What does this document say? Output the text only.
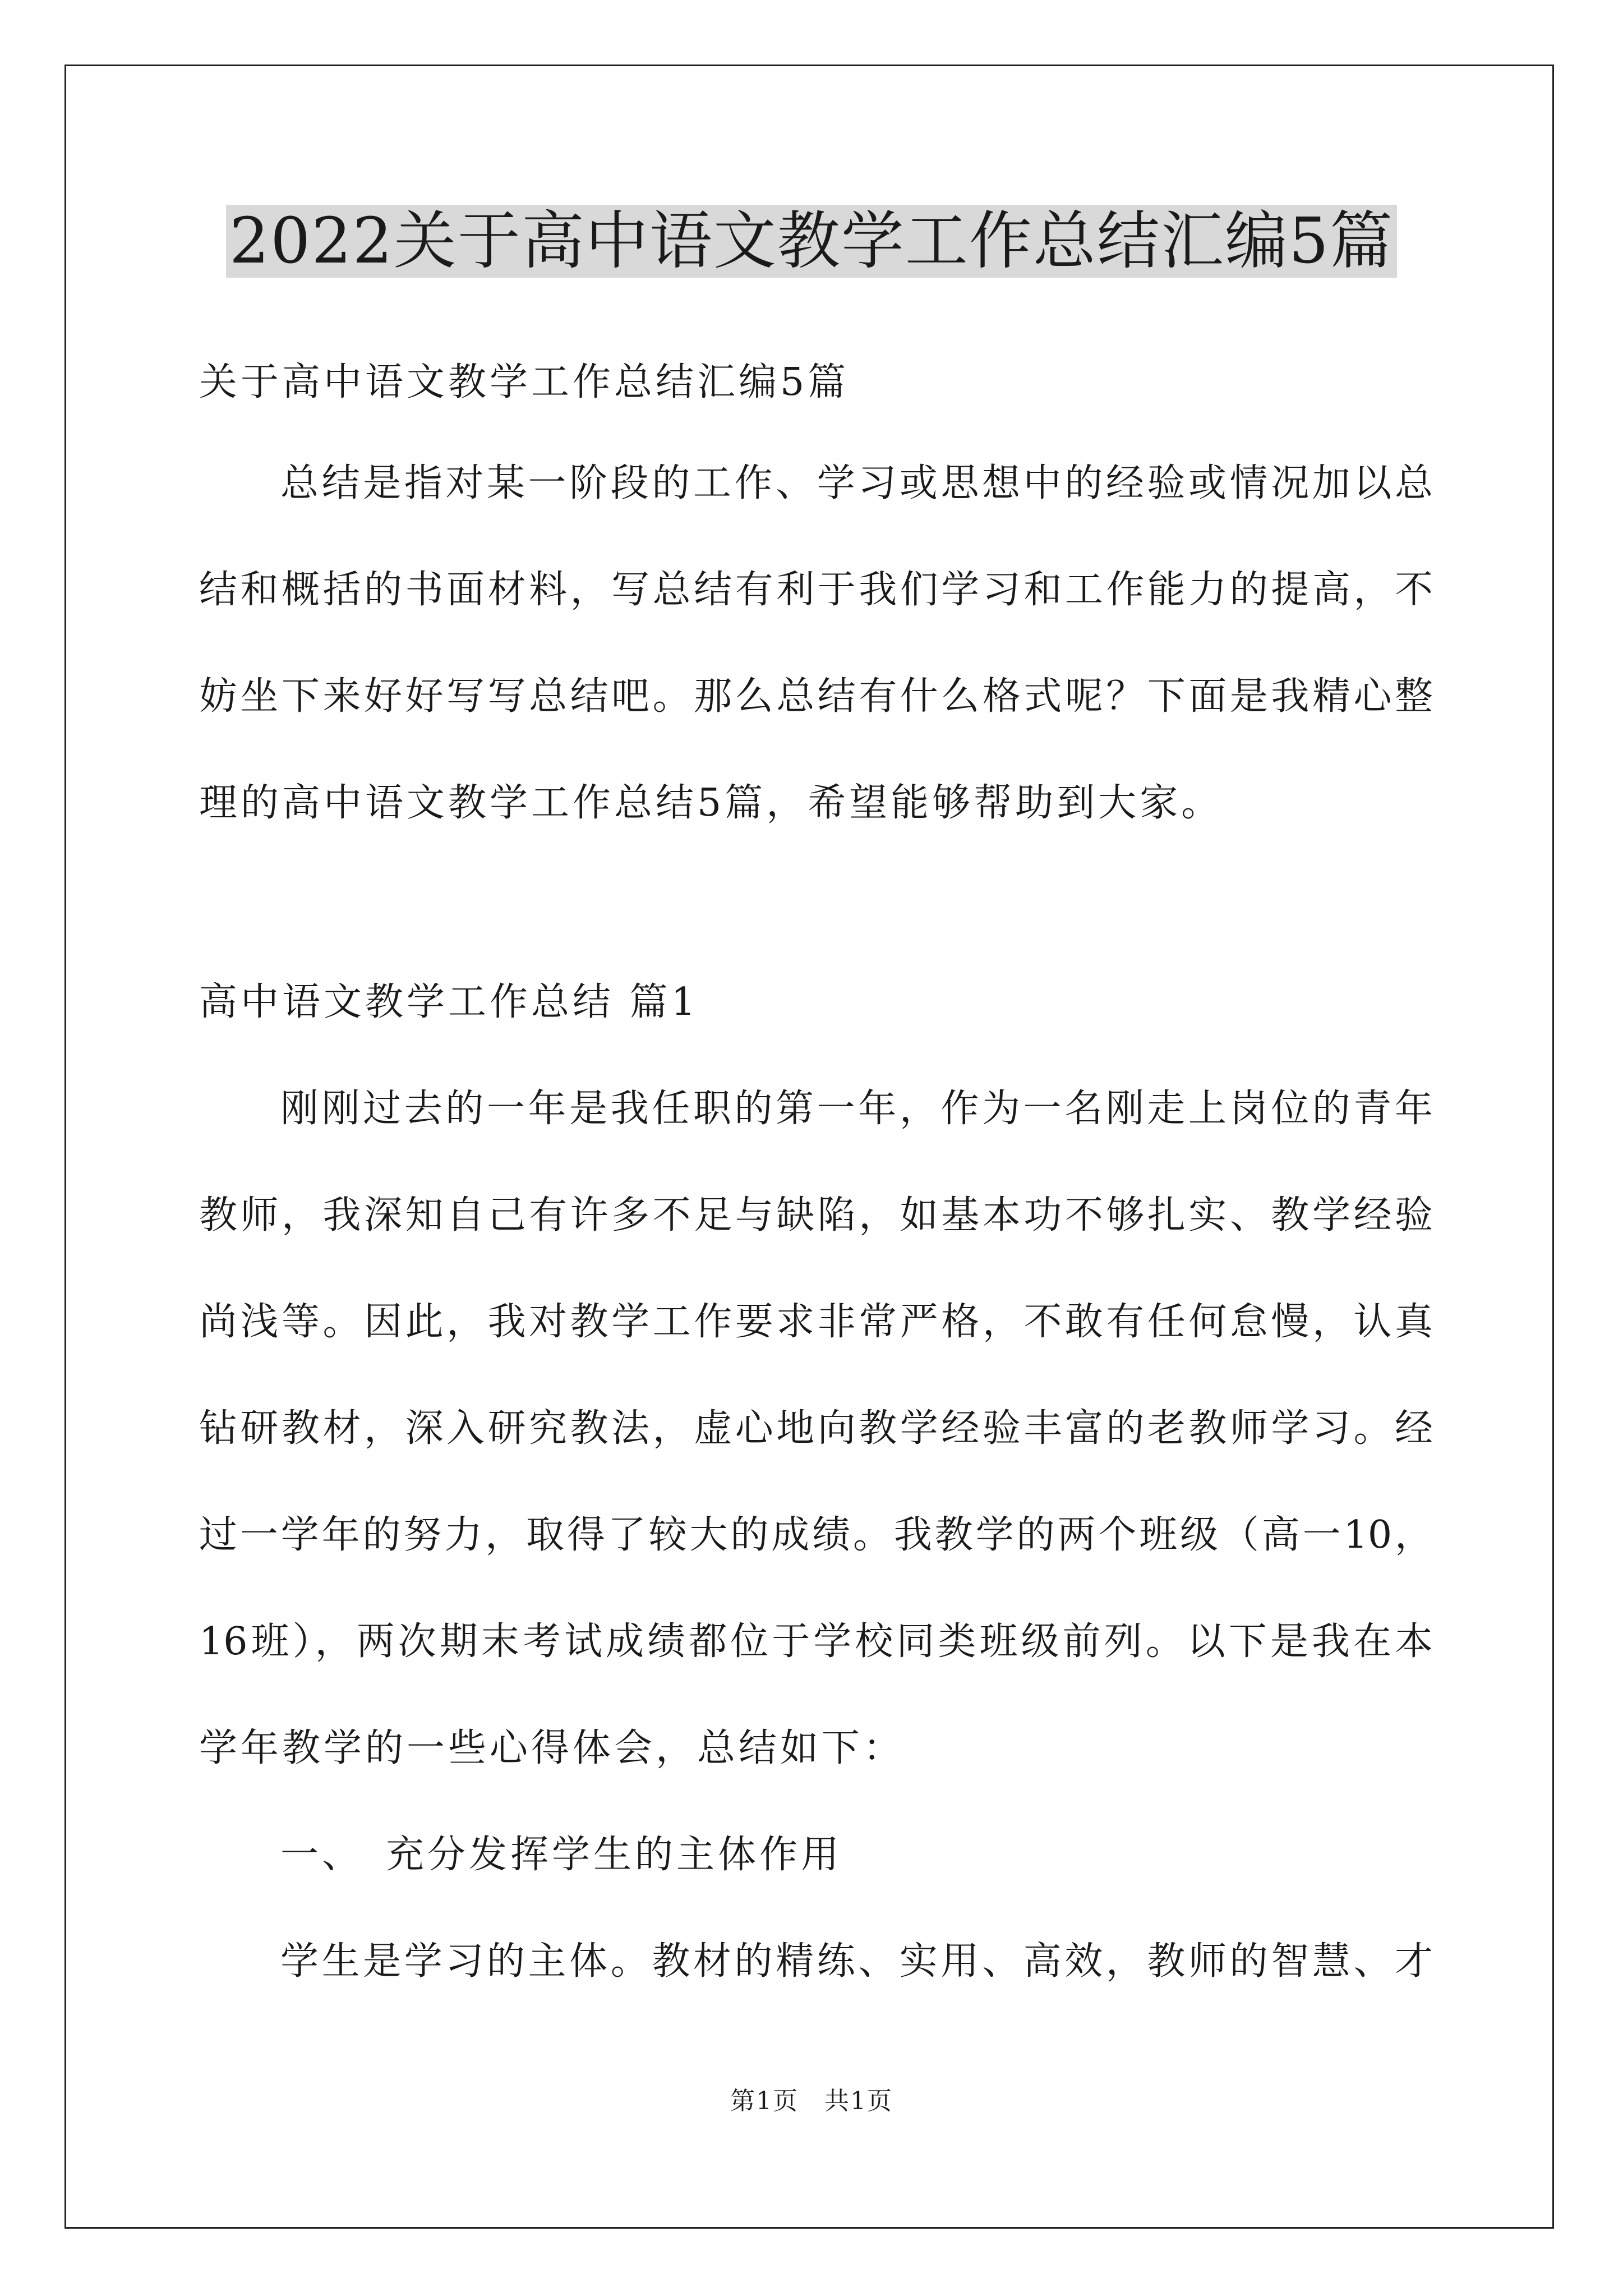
2022关于高中语文教学工作总结汇编5篇
关于高中语文教学工作总结汇编5篇
总结是指对某一阶段的工作、学习或思想中的经验或情况加以总
结和概括的书面材料，写总结有利于我们学习和工作能力的提高，不
妨坐下来好好写写总结吧。那么总结有什么格式呢？下面是我精心整
理的高中语文教学工作总结5篇，希望能够帮助到大家。
高中语文教学工作总结 篇1
刚刚过去的一年是我任职的第一年，作为一名刚走上岗位的青年
教师，我深知自己有许多不足与缺陷，如基本功不够扎实、教学经验
尚浅等。因此，我对教学工作要求非常严格，不敢有任何怠慢，认真
钻研教材，深入研究教法，虚心地向教学经验丰富的老教师学习。经
过一学年的努力，取得了较大的成绩。我教学的两个班级（高一10，
16班），两次期末考试成绩都位于学校同类班级前列。以下是我在本
学年教学的一些心得体会，总结如下：
一、　充分发挥学生的主体作用
学生是学习的主体。教材的精练、实用、高效，教师的智慧、才
第1页　共1页
